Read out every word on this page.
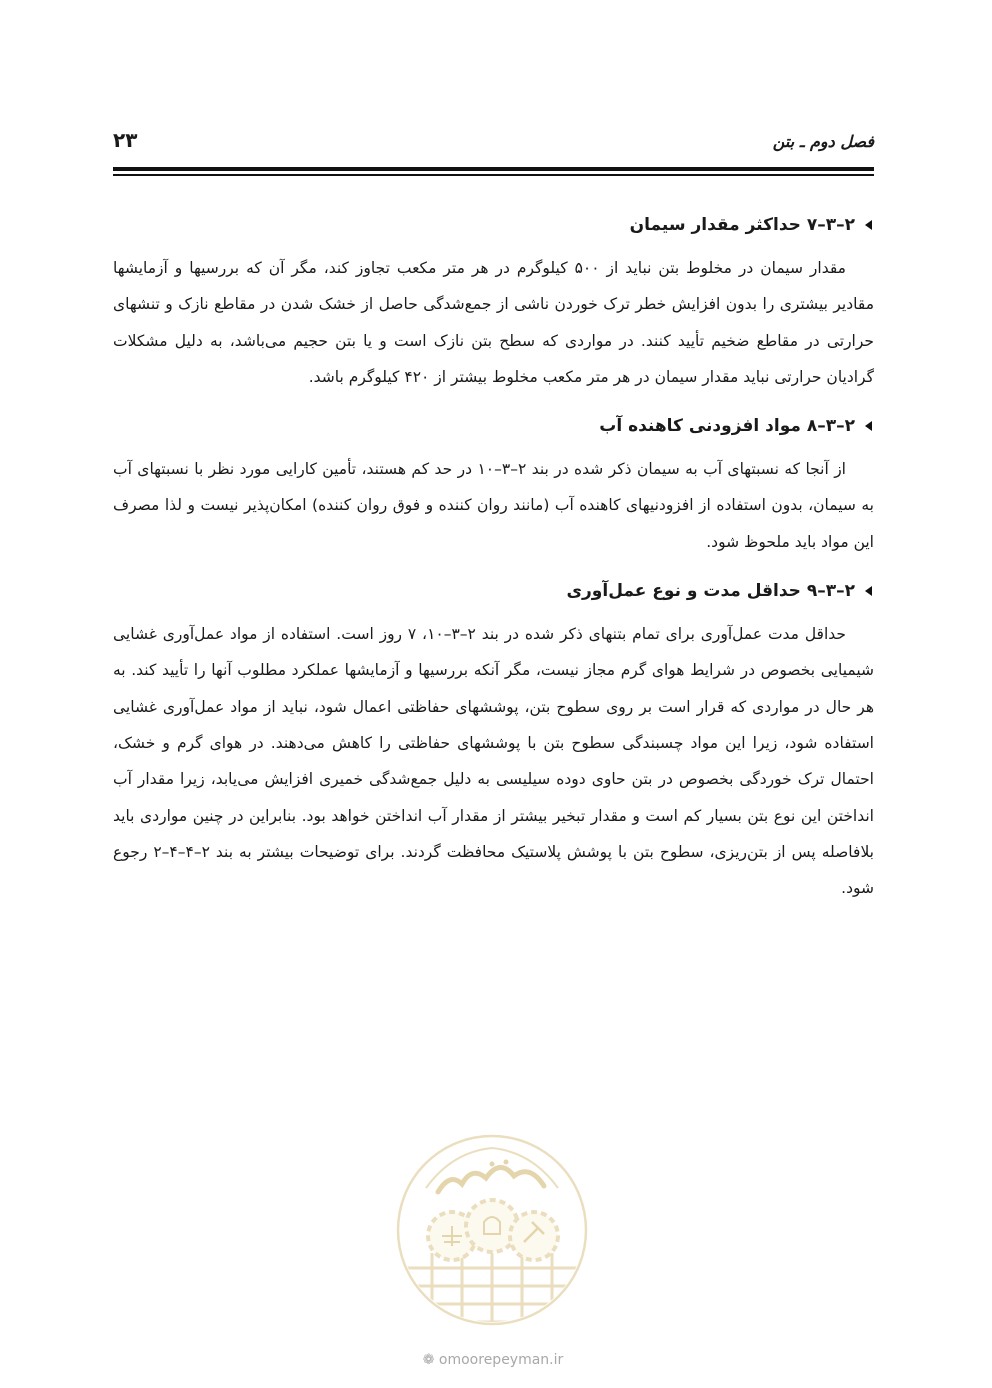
فصل دوم ـ بتن
۲۳
۲–۳–۷ حداکثر مقدار سیمان

مقدار سیمان در مخلوط بتن نباید از ۵۰۰ کیلوگرم در هر متر مکعب تجاوز کند، مگر آن که بررسیها و آزمایشها مقادیر بیشتری را بدون افزایش خطر ترک خوردن ناشی از جمع‌شدگی حاصل از خشک شدن در مقاطع نازک و تنشهای حرارتی در مقاطع ضخیم تأیید کنند. در مواردی که سطح بتن نازک است و یا بتن حجیم می‌باشد، به دلیل مشکلات گرادیان حرارتی نباید مقدار سیمان در هر متر مکعب مخلوط بیشتر از ۴۲۰ کیلوگرم باشد.

۲–۳–۸ مواد افزودنی کاهنده آب

از آنجا که نسبتهای آب به سیمان ذکر شده در بند ۲–۳–۱۰ در حد کم هستند، تأمین کارایی مورد نظر با نسبتهای آب به سیمان، بدون استفاده از افزودنیهای کاهنده آب (مانند روان کننده و فوق روان کننده) امکان‌پذیر نیست و لذا مصرف این مواد باید ملحوظ شود.

۲–۳–۹ حداقل مدت و نوع عمل‌آوری

حداقل مدت عمل‌آوری برای تمام بتنهای ذکر شده در بند ۲–۳–۱۰، ۷ روز است. استفاده از مواد عمل‌آوری غشایی شیمیایی بخصوص در شرایط هوای گرم مجاز نیست، مگر آنکه بررسیها و آزمایشها عملکرد مطلوب آنها را تأیید کند. به هر حال در مواردی که قرار است بر روی سطوح بتن، پوششهای حفاظتی اعمال شود، نباید از مواد عمل‌آوری غشایی استفاده شود، زیرا این مواد چسبندگی سطوح بتن با پوششهای حفاظتی را کاهش می‌دهند. در هوای گرم و خشک، احتمال ترک خوردگی بخصوص در بتن حاوی دوده سیلیسی به دلیل جمع‌شدگی خمیری افزایش می‌یابد، زیرا مقدار آب انداختن این نوع بتن بسیار کم است و مقدار تبخیر بیشتر از مقدار آب انداختن خواهد بود. بنابراین در چنین مواردی باید بلافاصله پس از بتن‌ریزی، سطوح بتن با پوشش پلاستیک محافظت گردند. برای توضیحات بیشتر به بند ۲–۴–۴–۲ رجوع شود.

❁ omoorepeyman.ir
